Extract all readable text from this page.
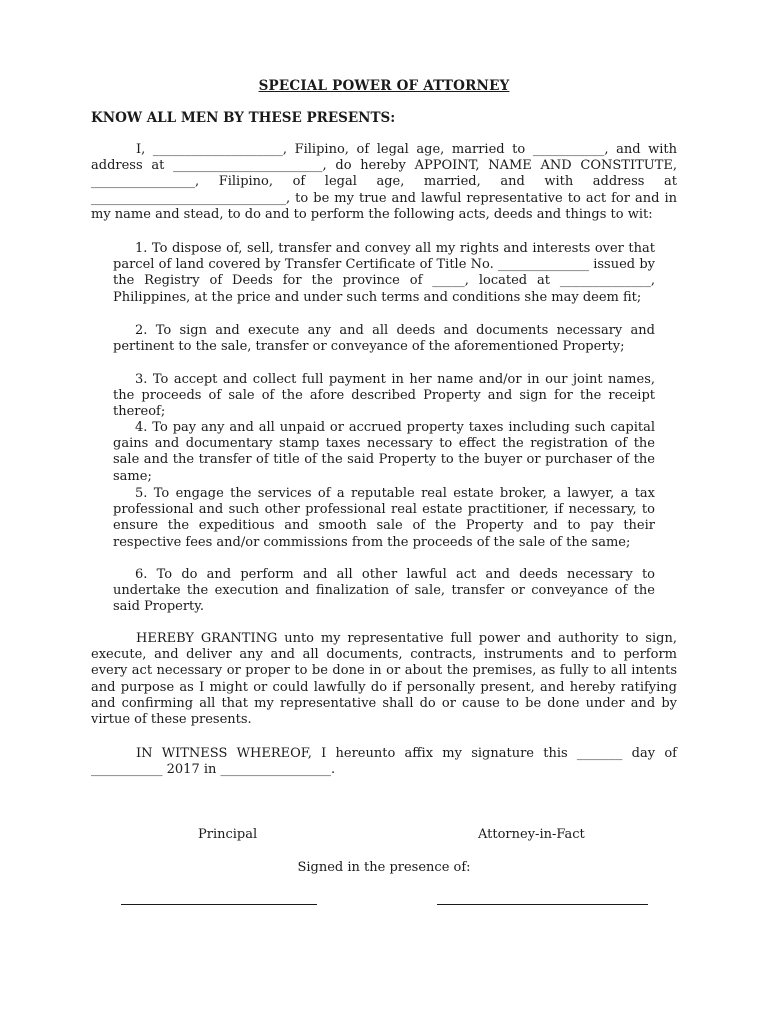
SPECIAL POWER OF ATTORNEY
KNOW ALL MEN BY THESE PRESENTS:
I, ____________________, Filipino, of legal age, married to ___________, and with address at _______________________, do hereby APPOINT, NAME AND CONSTITUTE, ________________, Filipino, of legal age, married, and with address at ______________________________, to be my true and lawful representative to act for and in my name and stead, to do and to perform the following acts, deeds and things to wit:
1. To dispose of, sell, transfer and convey all my rights and interests over that parcel of land covered by Transfer Certificate of Title No. ______________ issued by the Registry of Deeds for the province of _____, located at ______________, Philippines, at the price and under such terms and conditions she may deem fit;
2. To sign and execute any and all deeds and documents necessary and pertinent to the sale, transfer or conveyance of the aforementioned Property;
3. To accept and collect full payment in her name and/or in our joint names, the proceeds of sale of the afore described Property and sign for the receipt thereof;
4. To pay any and all unpaid or accrued property taxes including such capital gains and documentary stamp taxes necessary to effect the registration of the sale and the transfer of title of the said Property to the buyer or purchaser of the same;
5. To engage the services of a reputable real estate broker, a lawyer, a tax professional and such other professional real estate practitioner, if necessary, to ensure the expeditious and smooth sale of the Property and to pay their respective fees and/or commissions from the proceeds of the sale of the same;
6. To do and perform and all other lawful act and deeds necessary to undertake the execution and finalization of sale, transfer or conveyance of the said Property.
HEREBY GRANTING unto my representative full power and authority to sign, execute, and deliver any and all documents, contracts, instruments and to perform every act necessary or proper to be done in or about the premises, as fully to all intents and purpose as I might or could lawfully do if personally present, and hereby ratifying and confirming all that my representative shall do or cause to be done under and by virtue of these presents.
IN WITNESS WHEREOF, I hereunto affix my signature this _______ day of ___________ 2017 in _________________.
Principal	Attorney-in-Fact
Signed in the presence of:
